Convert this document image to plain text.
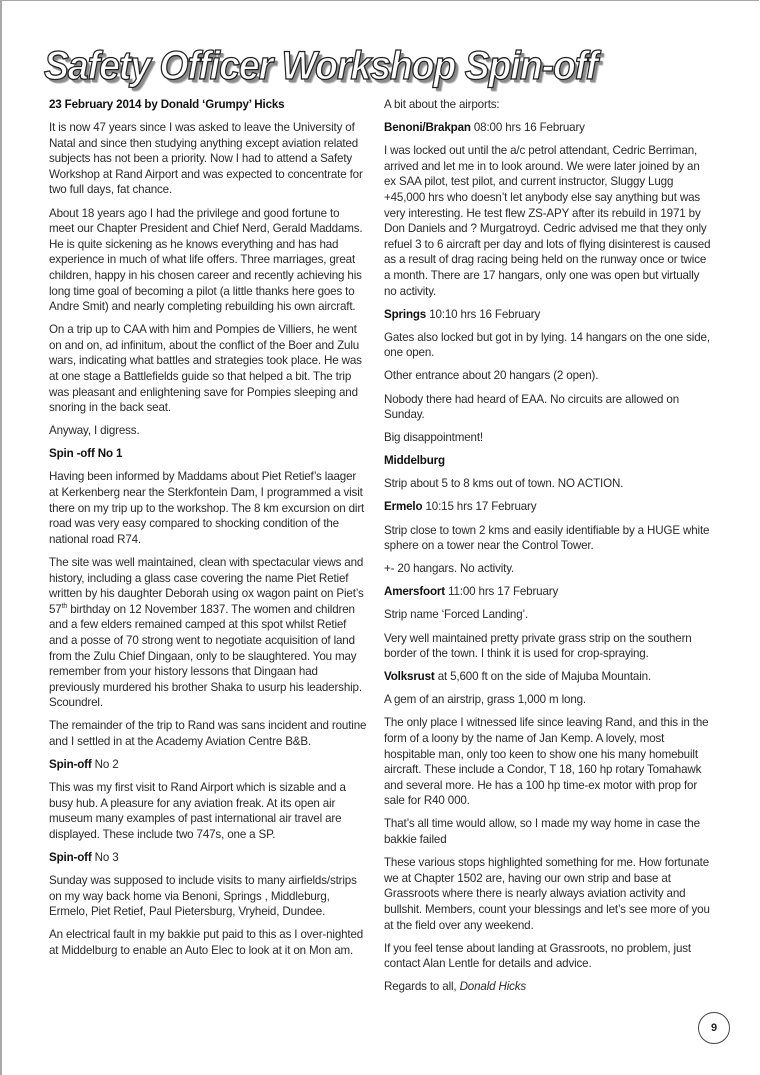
Safety Officer Workshop Spin-off

23 February 2014 by Donald ‘Grumpy’ Hicks

It is now 47 years since I was asked to leave the University of Natal and since then studying anything except aviation related subjects has not been a priority. Now I had to attend a Safety Workshop at Rand Airport and was expected to concentrate for two full days, fat chance.

About 18 years ago I had the privilege and good fortune to meet our Chapter President and Chief Nerd, Gerald Maddams. He is quite sickening as he knows everything and has had experience in much of what life offers. Three marriages, great children, happy in his chosen career and recently achieving his long time goal of becoming a pilot (a little thanks here goes to Andre Smit) and nearly completing rebuilding his own aircraft.

On a trip up to CAA with him and Pompies de Villiers, he went on and on, ad infinitum, about the conflict of the Boer and Zulu wars, indicating what battles and strategies took place. He was at one stage a Battlefields guide so that helped a bit. The trip was pleasant and enlightening save for Pompies sleeping and snoring in the back seat.

Anyway, I digress.

Spin -off No 1

Having been informed by Maddams about Piet Retief’s laager at Kerkenberg near the Sterkfontein Dam, I programmed a visit there on my trip up to the workshop. The 8 km excursion on dirt road was very easy compared to shocking condition of the national road R74.

The site was well maintained, clean with spectacular views and history, including a glass case covering the name Piet Retief written by his daughter Deborah using ox wagon paint on Piet’s 57th birthday on 12 November 1837. The women and children and a few elders remained camped at this spot whilst Retief and a posse of 70 strong went to negotiate acquisition of land from the Zulu Chief Dingaan, only to be slaughtered. You may remember from your history lessons that Dingaan had previously murdered his brother Shaka to usurp his leadership. Scoundrel.

The remainder of the trip to Rand was sans incident and routine and I settled in at the Academy Aviation Centre B&B.

Spin-off No 2

This was my first visit to Rand Airport which is sizable and a busy hub. A pleasure for any aviation freak. At its open air museum many examples of past international air travel are displayed. These include two 747s, one a SP.

Spin-off No 3

Sunday was supposed to include visits to many airfields/strips on my way back home via Benoni, Springs , Middleburg, Ermelo, Piet Retief, Paul Pietersburg, Vryheid, Dundee.

An electrical fault in my bakkie put paid to this as I over-nighted at Middelburg to enable an Auto Elec to look at it on Mon am.

A bit about the airports:

Benoni/Brakpan 08:00 hrs 16 February

I was locked out until the a/c petrol attendant, Cedric Berriman, arrived and let me in to look around. We were later joined by an ex SAA pilot, test pilot, and current instructor, Sluggy Lugg +45,000 hrs who doesn’t let anybody else say anything but was very interesting. He test flew ZS-APY after its rebuild in 1971 by Don Daniels and ? Murgatroyd. Cedric advised me that they only refuel 3 to 6 aircraft per day and lots of flying disinterest is caused as a result of drag racing being held on the runway once or twice a month. There are 17 hangars, only one was open but virtually no activity.

Springs 10:10 hrs 16 February

Gates also locked but got in by lying. 14 hangars on the one side, one open.

Other entrance about 20 hangars (2 open).

Nobody there had heard of EAA. No circuits are allowed on Sunday.

Big disappointment!

Middelburg

Strip about 5 to 8 kms out of town. NO ACTION.

Ermelo 10:15 hrs 17 February

Strip close to town 2 kms and easily identifiable by a HUGE white sphere on a tower near the Control Tower.

+- 20 hangars. No activity.

Amersfoort 11:00 hrs 17 February

Strip name ‘Forced Landing’.

Very well maintained pretty private grass strip on the southern border of the town. I think it is used for crop-spraying.

Volksrust at 5,600 ft on the side of Majuba Mountain.

A gem of an airstrip, grass 1,000 m long.

The only place I witnessed life since leaving Rand, and this in the form of a loony by the name of Jan Kemp. A lovely, most hospitable man, only too keen to show one his many homebuilt aircraft. These include a Condor, T 18, 160 hp rotary Tomahawk and several more. He has a 100 hp time-ex motor with prop for sale for R40 000.

That’s all time would allow, so I made my way home in case the bakkie failed

These various stops highlighted something for me. How fortunate we at Chapter 1502 are, having our own strip and base at Grassroots where there is nearly always aviation activity and bullshit. Members, count your blessings and let’s see more of you at the field over any weekend.

If you feel tense about landing at Grassroots, no problem, just contact Alan Lentle for details and advice.

Regards to all, Donald Hicks

9
